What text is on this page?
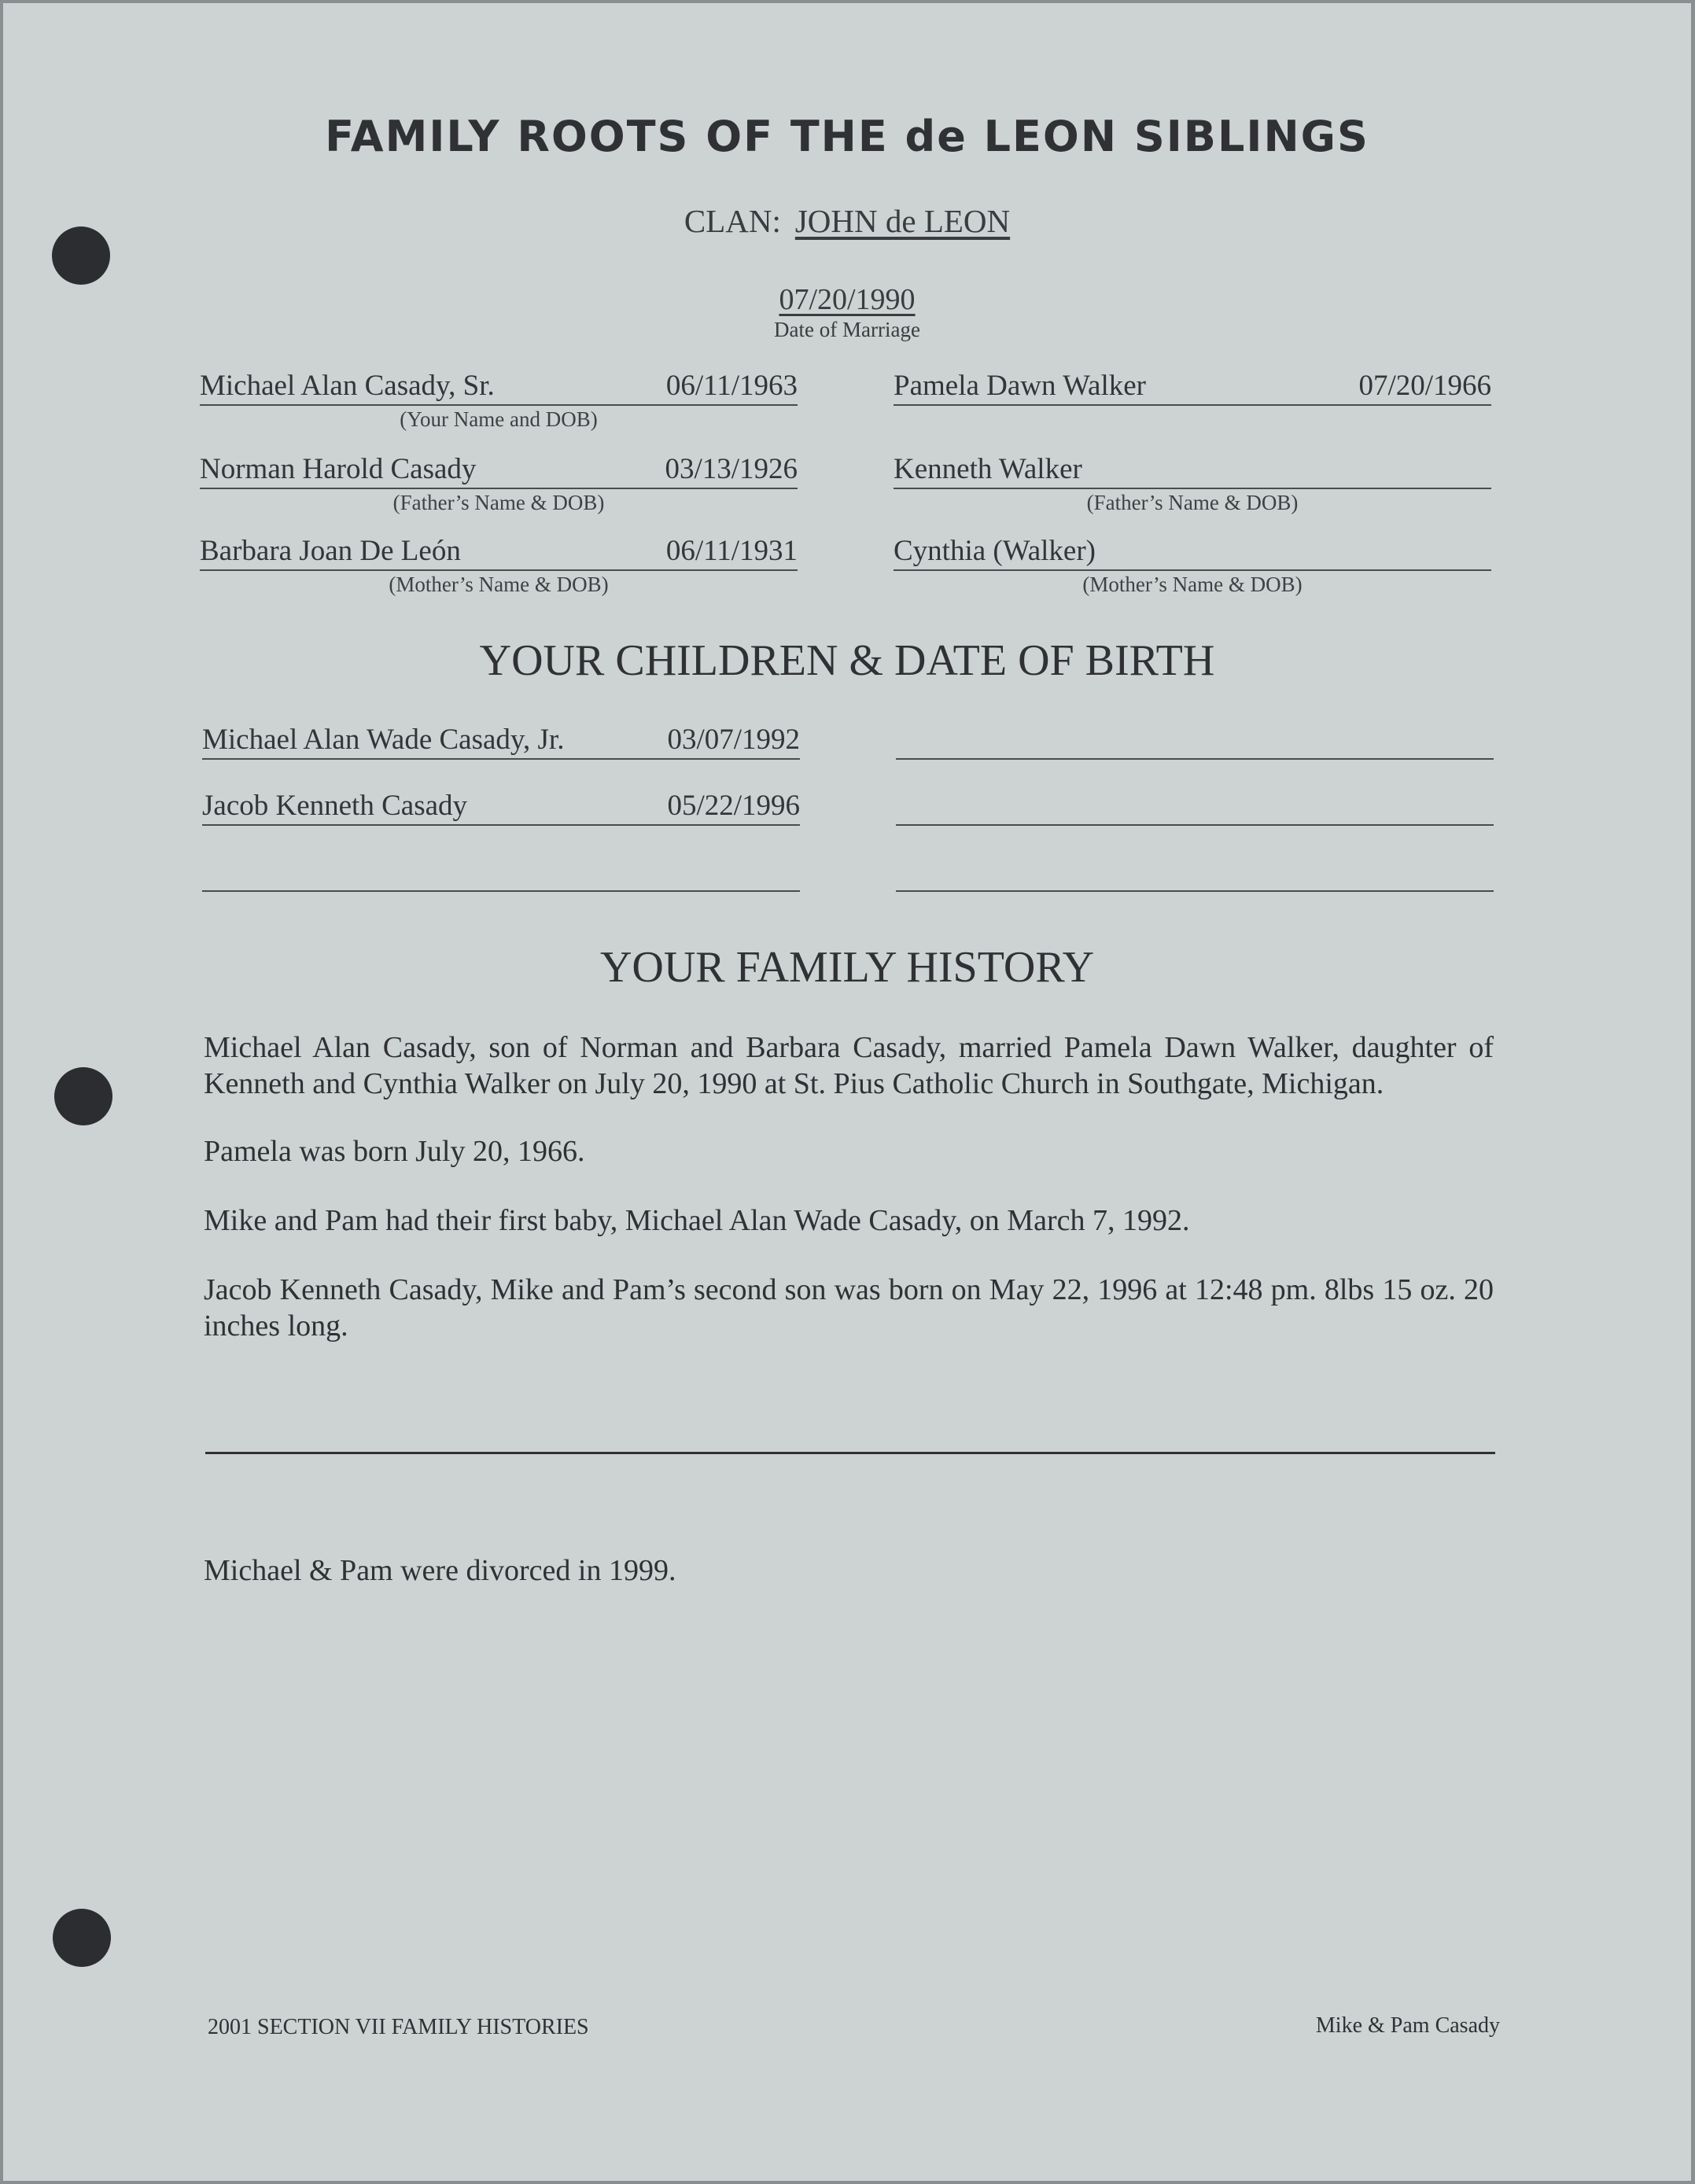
FAMILY ROOTS OF THE de LEON SIBLINGS
CLAN: JOHN de LEON
07/20/1990
Date of Marriage
Michael Alan Casady, Sr.	06/11/1963
(Your Name and DOB)
Pamela Dawn Walker	07/20/1966
Norman Harold Casady	03/13/1926
(Father’s Name & DOB)
Kenneth Walker
(Father’s Name & DOB)
Barbara Joan De León	06/11/1931
(Mother’s Name & DOB)
Cynthia (Walker)
(Mother’s Name & DOB)
YOUR CHILDREN & DATE OF BIRTH
Michael Alan Wade Casady, Jr.	03/07/1992
Jacob Kenneth Casady	05/22/1996
YOUR FAMILY HISTORY
Michael Alan Casady, son of Norman and Barbara Casady, married Pamela Dawn Walker, daughter of Kenneth and Cynthia Walker on July 20, 1990 at St. Pius Catholic Church in Southgate, Michigan.
Pamela was born July 20, 1966.
Mike and Pam had their first baby, Michael Alan Wade Casady, on March 7, 1992.
Jacob Kenneth Casady, Mike and Pam’s second son was born on May 22, 1996 at 12:48 pm. 8lbs 15 oz. 20 inches long.
Michael & Pam were divorced in 1999.
2001 SECTION VII FAMILY HISTORIES	Mike & Pam Casady
